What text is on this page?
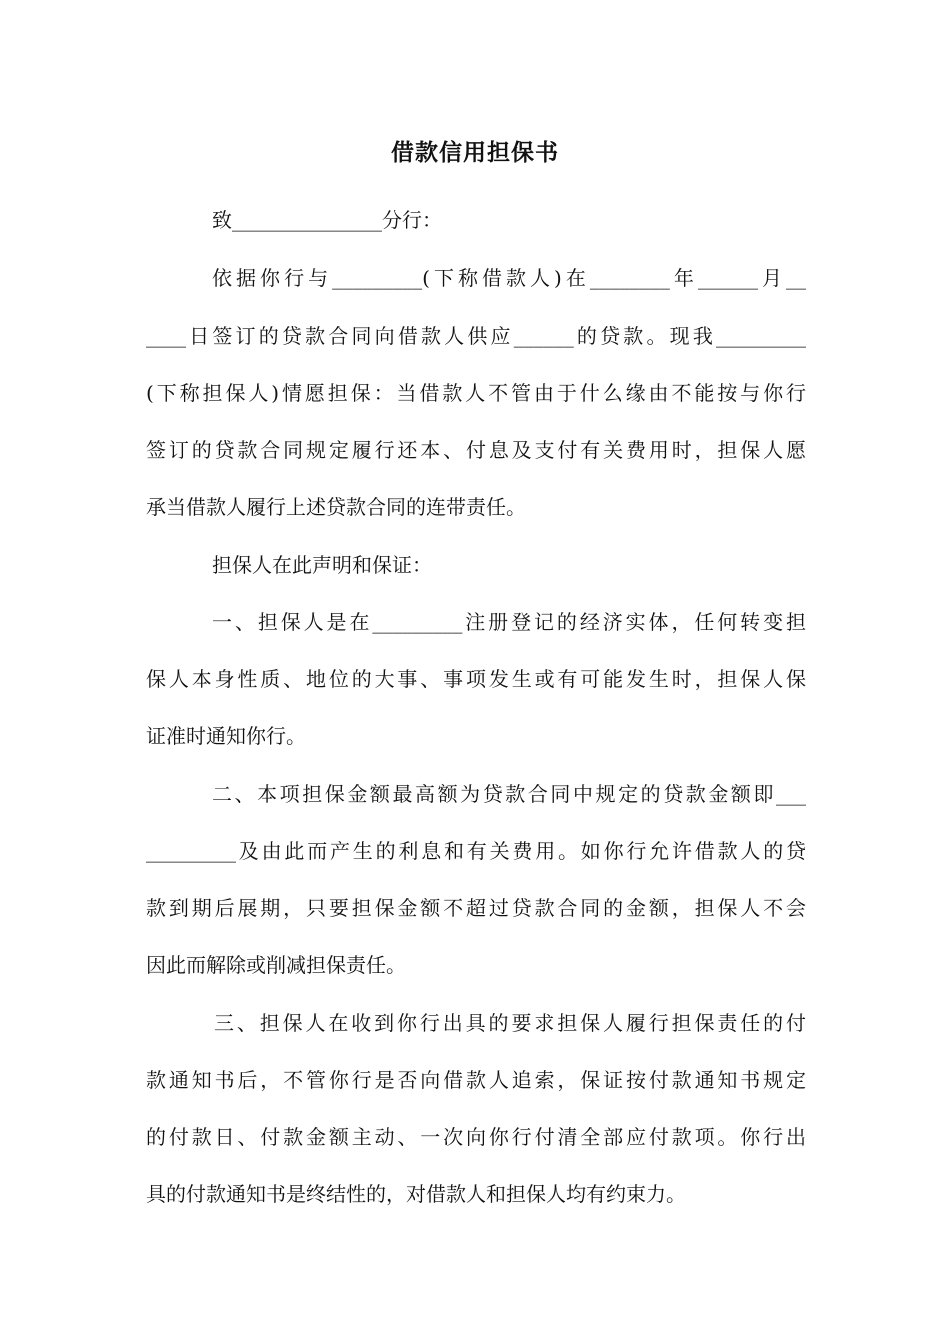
借款信用担保书
致_______________分行：
依据你行与_________(下称借款人)在________年______月__
____日签订的贷款合同向借款人供应______的贷款。现我_________
(下称担保人)情愿担保：当借款人不管由于什么缘由不能按与你行
签订的贷款合同规定履行还本、付息及支付有关费用时，担保人愿
承当借款人履行上述贷款合同的连带责任。
担保人在此声明和保证：
一、担保人是在_________注册登记的经济实体，任何转变担
保人本身性质、地位的大事、事项发生或有可能发生时，担保人保
证准时通知你行。
二、本项担保金额最高额为贷款合同中规定的贷款金额即___
_________及由此而产生的利息和有关费用。如你行允许借款人的贷
款到期后展期，只要担保金额不超过贷款合同的金额，担保人不会
因此而解除或削减担保责任。
三、担保人在收到你行出具的要求担保人履行担保责任的付
款通知书后，不管你行是否向借款人追索，保证按付款通知书规定
的付款日、付款金额主动、一次向你行付清全部应付款项。你行出
具的付款通知书是终结性的，对借款人和担保人均有约束力。
